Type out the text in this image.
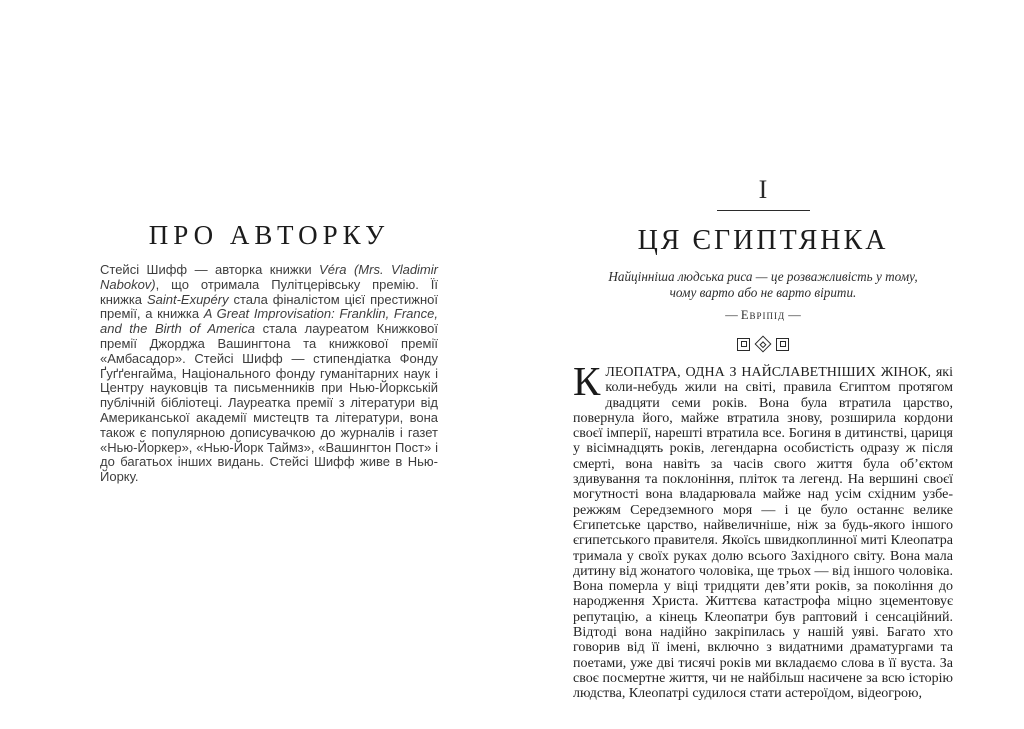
ПРО АВТОРКУ

Стейсі Шифф — авторка книжки Véra (Mrs. Vladimir Nabokov), що отримала Пулітцерівську премію. Її книжка Saint-Exupéry стала фіналістом цієї престижної премії, а книжка A Great Improvisation: Franklin, France, and the Birth of America стала лауреатом Книжкової премії Джорджа Вашингтона та книжкової премії «Амбасадор». Стейсі Шифф — стипендіатка Фонду Ґуґґенгайма, Національного фонду гуманітарних наук і Центру науковців та письменників при Нью-Йоркській публічній бібліотеці. Лауреатка премії з літератури від Американської академії мистецтв та літератури, вона також є популярною дописувачкою до журналів і газет «Нью-Йоркер», «Нью-Йорк Таймз», «Вашингтон Пост» і до багатьох інших видань. Стейсі Шифф живе в Нью-Йорку.

I
ЦЯ ЄГИПТЯНКА
Найцінніша людська риса — це розважливість у тому,
чому варто або не варто вірити.
— Евріпід —

КЛЕОПАТРА, ОДНА З НАЙСЛАВЕТНІШИХ ЖІНОК, які коли-небудь жили на світі, правила Єгиптом протягом двадцяти семи років. Вона була втратила царство, повернула його, майже втратила знову, розширила кордони своєї імперії, нарешті втратила все. Богиня в дитинстві, цариця у вісімнадцять років, легендарна особистість одразу ж після смерті, вона навіть за часів свого життя була об’єктом здивування та поклоніння, пліток та легенд. На вершині своєї могутності вона владарювала майже над усім східним узбережжям Середземного моря — і це було останнє велике Єгипетське царство, найвеличніше, ніж за будь-якого іншого єгипетського правителя. Якоїсь швидкоплинної миті Клеопатра тримала у своїх руках долю всього Західного світу. Вона мала дитину від жонатого чоловіка, ще трьох — від іншого чоловіка. Вона померла у віці тридцяти дев’яти років, за покоління до народження Христа. Життєва катастрофа міцно зцементовує репутацію, а кінець Клеопатри був раптовий і сенсаційний. Відтоді вона надійно закріпилась у нашій уяві. Багато хто говорив від її імені, включно з видатними драматургами та поетами, уже дві тисячі років ми вкладаємо слова в її вуста. За своє посмертне життя, чи не найбільш насичене за всю історію людства, Клеопатрі судилося стати астероїдом, відеогрою,
